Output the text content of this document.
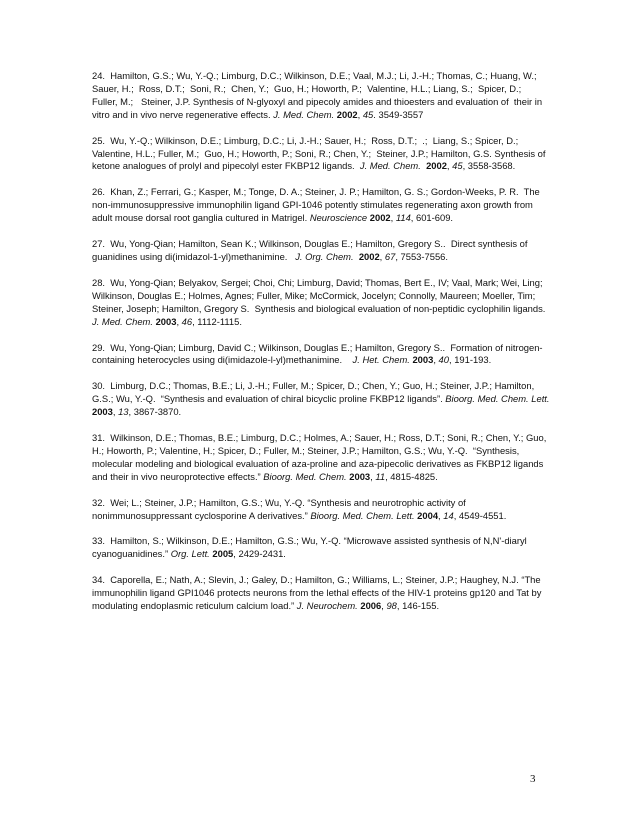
24.  Hamilton, G.S.; Wu, Y.-Q.; Limburg, D.C.; Wilkinson, D.E.; Vaal, M.J.; Li, J.-H.; Thomas, C.; Huang, W.;  Sauer, H.;  Ross, D.T.;  Soni, R.;  Chen, Y.;  Guo, H.; Howorth, P.;  Valentine, H.L.; Liang, S.;  Spicer, D.;  Fuller, M.;   Steiner, J.P. Synthesis of N-glyoxyl and pipecoly amides and thioesters and evaluation of  their in vitro and in vivo nerve regenerative effects. J. Med. Chem. 2002, 45. 3549-3557

25.  Wu, Y.-Q.; Wilkinson, D.E.; Limburg, D.C.; Li, J.-H.; Sauer, H.;  Ross, D.T.;  .;  Liang, S.; Spicer, D.; Valentine, H.L.; Fuller, M.;  Guo, H.; Howorth, P.; Soni, R.; Chen, Y.;  Steiner, J.P.; Hamilton, G.S. Synthesis of ketone analogues of prolyl and pipecolyl ester FKBP12 ligands.  J. Med. Chem. 2002, 45, 3558-3568.

26.  Khan, Z.; Ferrari, G.; Kasper, M.; Tonge, D. A.; Steiner, J. P.; Hamilton, G. S.; Gordon-Weeks, P. R.  The non-immunosuppressive immunophilin ligand GPI-1046 potently stimulates regenerating axon growth from adult mouse dorsal root ganglia cultured in Matrigel. Neuroscience 2002, 114, 601-609.

27.  Wu, Yong-Qian; Hamilton, Sean K.; Wilkinson, Douglas E.; Hamilton, Gregory S..  Direct synthesis of guanidines using di(imidazol-1-yl)methanimine.   J. Org. Chem. 2002, 67, 7553-7556.

28.  Wu, Yong-Qian; Belyakov, Sergei; Choi, Chi; Limburg, David; Thomas, Bert E., IV; Vaal, Mark; Wei, Ling; Wilkinson, Douglas E.; Holmes, Agnes; Fuller, Mike; McCormick, Jocelyn; Connolly, Maureen; Moeller, Tim; Steiner, Joseph; Hamilton, Gregory S.  Synthesis and biological evaluation of non-peptidic cyclophilin ligands.    J. Med. Chem. 2003, 46, 1112-1115.

29.  Wu, Yong-Qian; Limburg, David C.; Wilkinson, Douglas E.; Hamilton, Gregory S..  Formation of nitrogen-containing heterocycles using di(imidazole-l-yl)methanimine.    J. Het. Chem. 2003, 40, 191-193.

30.  Limburg, D.C.; Thomas, B.E.; Li, J.-H.; Fuller, M.; Spicer, D.; Chen, Y.; Guo, H.; Steiner, J.P.; Hamilton, G.S.; Wu, Y.-Q.  “Synthesis and evaluation of chiral bicyclic proline FKBP12 ligands”. Bioorg. Med. Chem. Lett. 2003, 13, 3867-3870.

31.  Wilkinson, D.E.; Thomas, B.E.; Limburg, D.C.; Holmes, A.; Sauer, H.; Ross, D.T.; Soni, R.; Chen, Y.; Guo, H.; Howorth, P.; Valentine, H.; Spicer, D.; Fuller, M.; Steiner, J.P.; Hamilton, G.S.; Wu, Y.-Q.  “Synthesis, molecular modeling and biological evaluation of aza-proline and aza-pipecolic derivatives as FKBP12 ligands and their in vivo neuroprotective effects.” Bioorg. Med. Chem. 2003, 11, 4815-4825.

32.  Wei; L.; Steiner, J.P.; Hamilton, G.S.; Wu, Y.-Q. “Synthesis and neurotrophic activity of nonimmunosuppressant cyclosporine A derivatives.” Bioorg. Med. Chem. Lett. 2004, 14, 4549-4551.

33.  Hamilton, S.; Wilkinson, D.E.; Hamilton, G.S.; Wu, Y.-Q. “Microwave assisted synthesis of N,N'-diaryl cyanoguanidines.” Org. Lett. 2005, 2429-2431.

34.  Caporella, E.; Nath, A.; Slevin, J.; Galey, D.; Hamilton, G.; Williams, L.; Steiner, J.P.; Haughey, N.J. “The immunophilin ligand GPI1046 protects neurons from the lethal effects of the HIV-1 proteins gp120 and Tat by modulating endoplasmic reticulum calcium load.” J. Neurochem. 2006, 98, 146-155.

3
